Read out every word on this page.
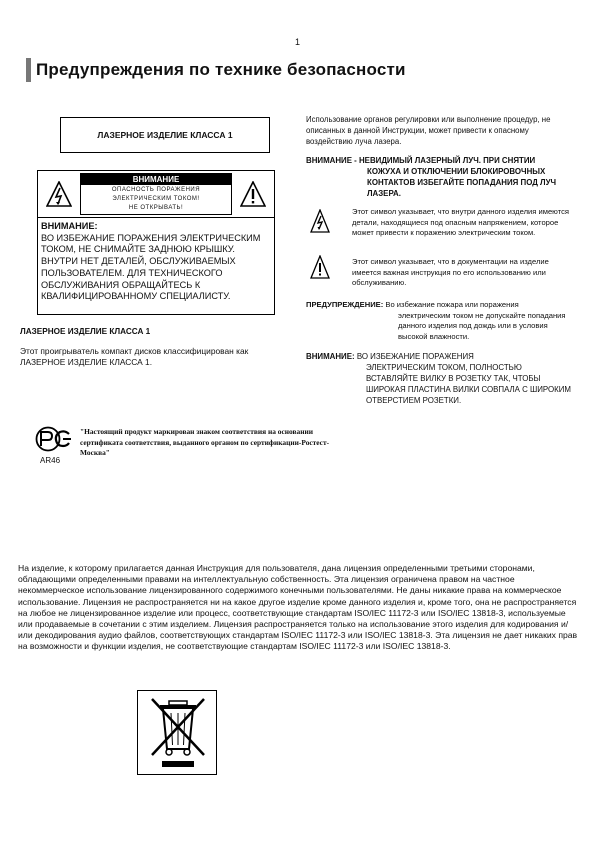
1
Предупреждения по технике безопасности
ЛАЗЕРНОЕ ИЗДЕЛИЕ КЛАССА 1
ВНИМАНИЕ
ОПАСНОСТЬ ПОРАЖЕНИЯ
ЭЛЕКТРИЧЕСКИМ ТОКОМ!
НЕ ОТКРЫВАТЬ!
ВНИМАНИЕ:
ВО ИЗБЕЖАНИЕ ПОРАЖЕНИЯ ЭЛЕКТРИЧЕСКИМ ТОКОМ, НЕ СНИМАЙТЕ ЗАДНЮЮ КРЫШКУ. ВНУТРИ НЕТ ДЕТАЛЕЙ, ОБСЛУЖИВАЕМЫХ ПОЛЬЗОВАТЕЛЕМ. ДЛЯ ТЕХНИЧЕСКОГО ОБСЛУЖИВАНИЯ ОБРАЩАЙТЕСЬ К КВАЛИФИЦИРОВАННОМУ СПЕЦИАЛИСТУ.
ЛАЗЕРНОЕ ИЗДЕЛИЕ КЛАССА 1
Этот проигрыватель компакт дисков классифицирован как ЛАЗЕРНОЕ ИЗДЕЛИЕ КЛАССА 1.
Использование органов регулировки или выполнение процедур, не описанных в данной Инструкции, может привести к опасному воздействию луча лазера.
ВНИМАНИЕ - НЕВИДИМЫЙ ЛАЗЕРНЫЙ ЛУЧ. ПРИ СНЯТИИ
КОЖУХА И ОТКЛЮЧЕНИИ БЛОКИРОВОЧНЫХ КОНТАКТОВ ИЗБЕГАЙТЕ ПОПАДАНИЯ ПОД ЛУЧ ЛАЗЕРА.
Этот символ указывает, что внутри данного изделия имеются детали, находящиеся под опасным напряжением, которое может привести к поражению электрическим током.
Этот символ указывает, что в документации на изделие имеется важная инструкция по его использованию или обслуживанию.
ПРЕДУПРЕЖДЕНИЕ: Во избежание пожара или поражения
электрическим током не допускайте попадания данного изделия под дождь или в условия высокой влажности.
ВНИМАНИЕ: ВО ИЗБЕЖАНИЕ ПОРАЖЕНИЯ
ЭЛЕКТРИЧЕСКИМ ТОКОМ, ПОЛНОСТЬЮ ВСТАВЛЯЙТЕ ВИЛКУ В РОЗЕТКУ ТАК, ЧТОБЫ ШИРОКАЯ ПЛАСТИНА ВИЛКИ СОВПАЛА С ШИРОКИМ ОТВЕРСТИЕМ РОЗЕТКИ.
AR46
"Настоящий продукт маркирован знаком соответствия на основании сертификата соответствия, выданного органом по сертификации-Ростест-Москва"
На изделие, к которому прилагается данная Инструкция для пользователя, дана лицензия определенными третьими сторонами, обладающими определенными правами на интеллектуальную собственность. Эта лицензия ограничена правом на частное некоммерческое использование лицензированного содержимого конечными пользователями. Не даны никакие права на коммерческое использование. Лицензия не распространяется ни на какое другое изделие кроме данного изделия и, кроме того, она не распространяется на любое не лицензированное изделие или процесс, соответствующие стандартам ISO/IEC 11172-3 или ISO/IEC 13818-3, используемые или продаваемые в сочетании с этим изделием. Лицензия распространяется только на использование этого изделия для кодирования и/или декодирования аудио файлов, соответствующих стандартам ISO/IEC 11172-3 или ISO/IEC 13818-3. Эта лицензия не дает никаких прав на возможности и функции изделия, не соответствующие стандартам ISO/IEC 11172-3 или ISO/IEC 13818-3.
